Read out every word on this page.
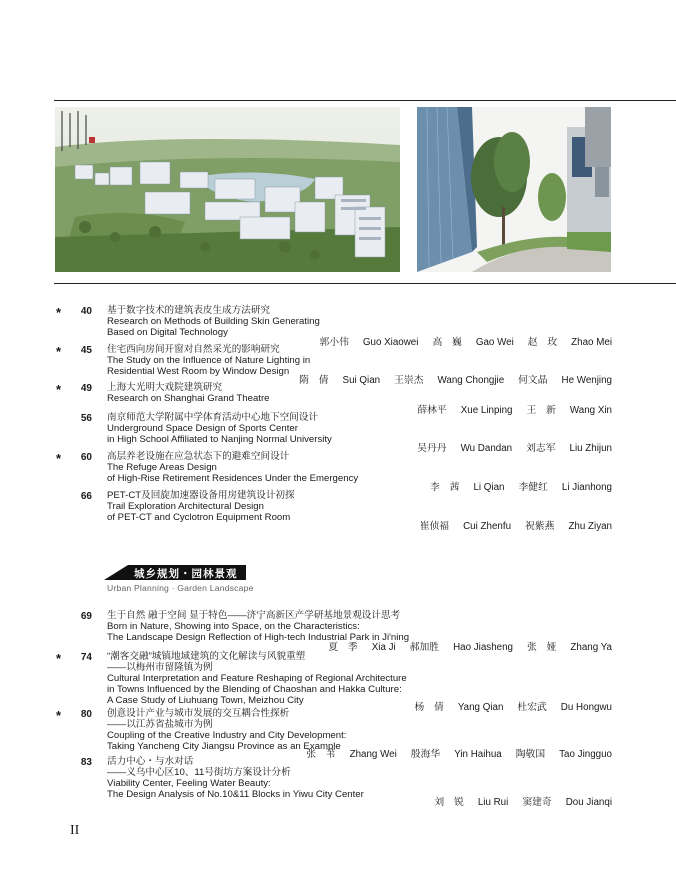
*	40 基于数字技术的建筑表皮生成方法研究
Research on Methods of Building Skin Generating
Based on Digital Technology
郭小伟 Guo Xiaowei 高　巍 Gao Wei 赵　玫 Zhao Mei
*	45 住宅西向房间开窗对自然采光的影响研究
The Study on the Influence of Nature Lighting in
Residential West Room by Window Design
隋　倩 Sui Qian 王崇杰 Wang Chongjie 何文晶 He Wenjing
*	49 上海大光明大戏院建筑研究
Research on Shanghai Grand Theatre
薛林平 Xue Linping 王　新 Wang Xin
56 南京师范大学附属中学体育活动中心地下空间设计
Underground Space Design of Sports Center
in High School Affiliated to Nanjing Normal University
吴丹丹 Wu Dandan 刘志军 Liu Zhijun
*	60 高层养老设施在应急状态下的避难空间设计
The Refuge Areas Design
of High-Rise Retirement Residences Under the Emergency
李　茜 Li Qian 李健红 Li Jianhong
66 PET-CT及回旋加速器设备用房建筑设计初探
Trail Exploration Architectural Design
of PET-CT and Cyclotron Equipment Room
崔侦福 Cui Zhenfu 祝紫燕 Zhu Ziyan
城乡规划・园林景观
Urban Planning · Garden Landscape
69 生于自然 融于空间 显于特色——济宁高新区产学研基地景观设计思考
Born in Nature, Showing into Space, on the Characteristics:
The Landscape Design Reflection of High-tech Industrial Park in Ji'ning
夏　季 Xia Ji 郝加胜 Hao Jiasheng 张　娅 Zhang Ya
*	74 “潮客交融”城镇地域建筑的文化解读与风貌重塑
——以梅州市留隆镇为例
Cultural Interpretation and Feature Reshaping of Regional Architecture
in Towns Influenced by the Blending of Chaoshan and Hakka Culture:
A Case Study of Liuhuang Town, Meizhou City
杨　倩 Yang Qian 杜宏武 Du Hongwu
*	80 创意设计产业与城市发展的交互耦合性探析
——以江苏省盐城市为例
Coupling of the Creative Industry and City Development:
Taking Yancheng City Jiangsu Province as an Example
张　苇 Zhang Wei 殷海华 Yin Haihua 陶敬国 Tao Jingguo
83 活力中心・与水对话
——义乌中心区10、11号街坊方案设计分析
Viability Center, Feeling Water Beauty:
The Design Analysis of No.10&11 Blocks in Yiwu City Center
刘　锐 Liu Rui 窦建奇 Dou Jianqi
II
